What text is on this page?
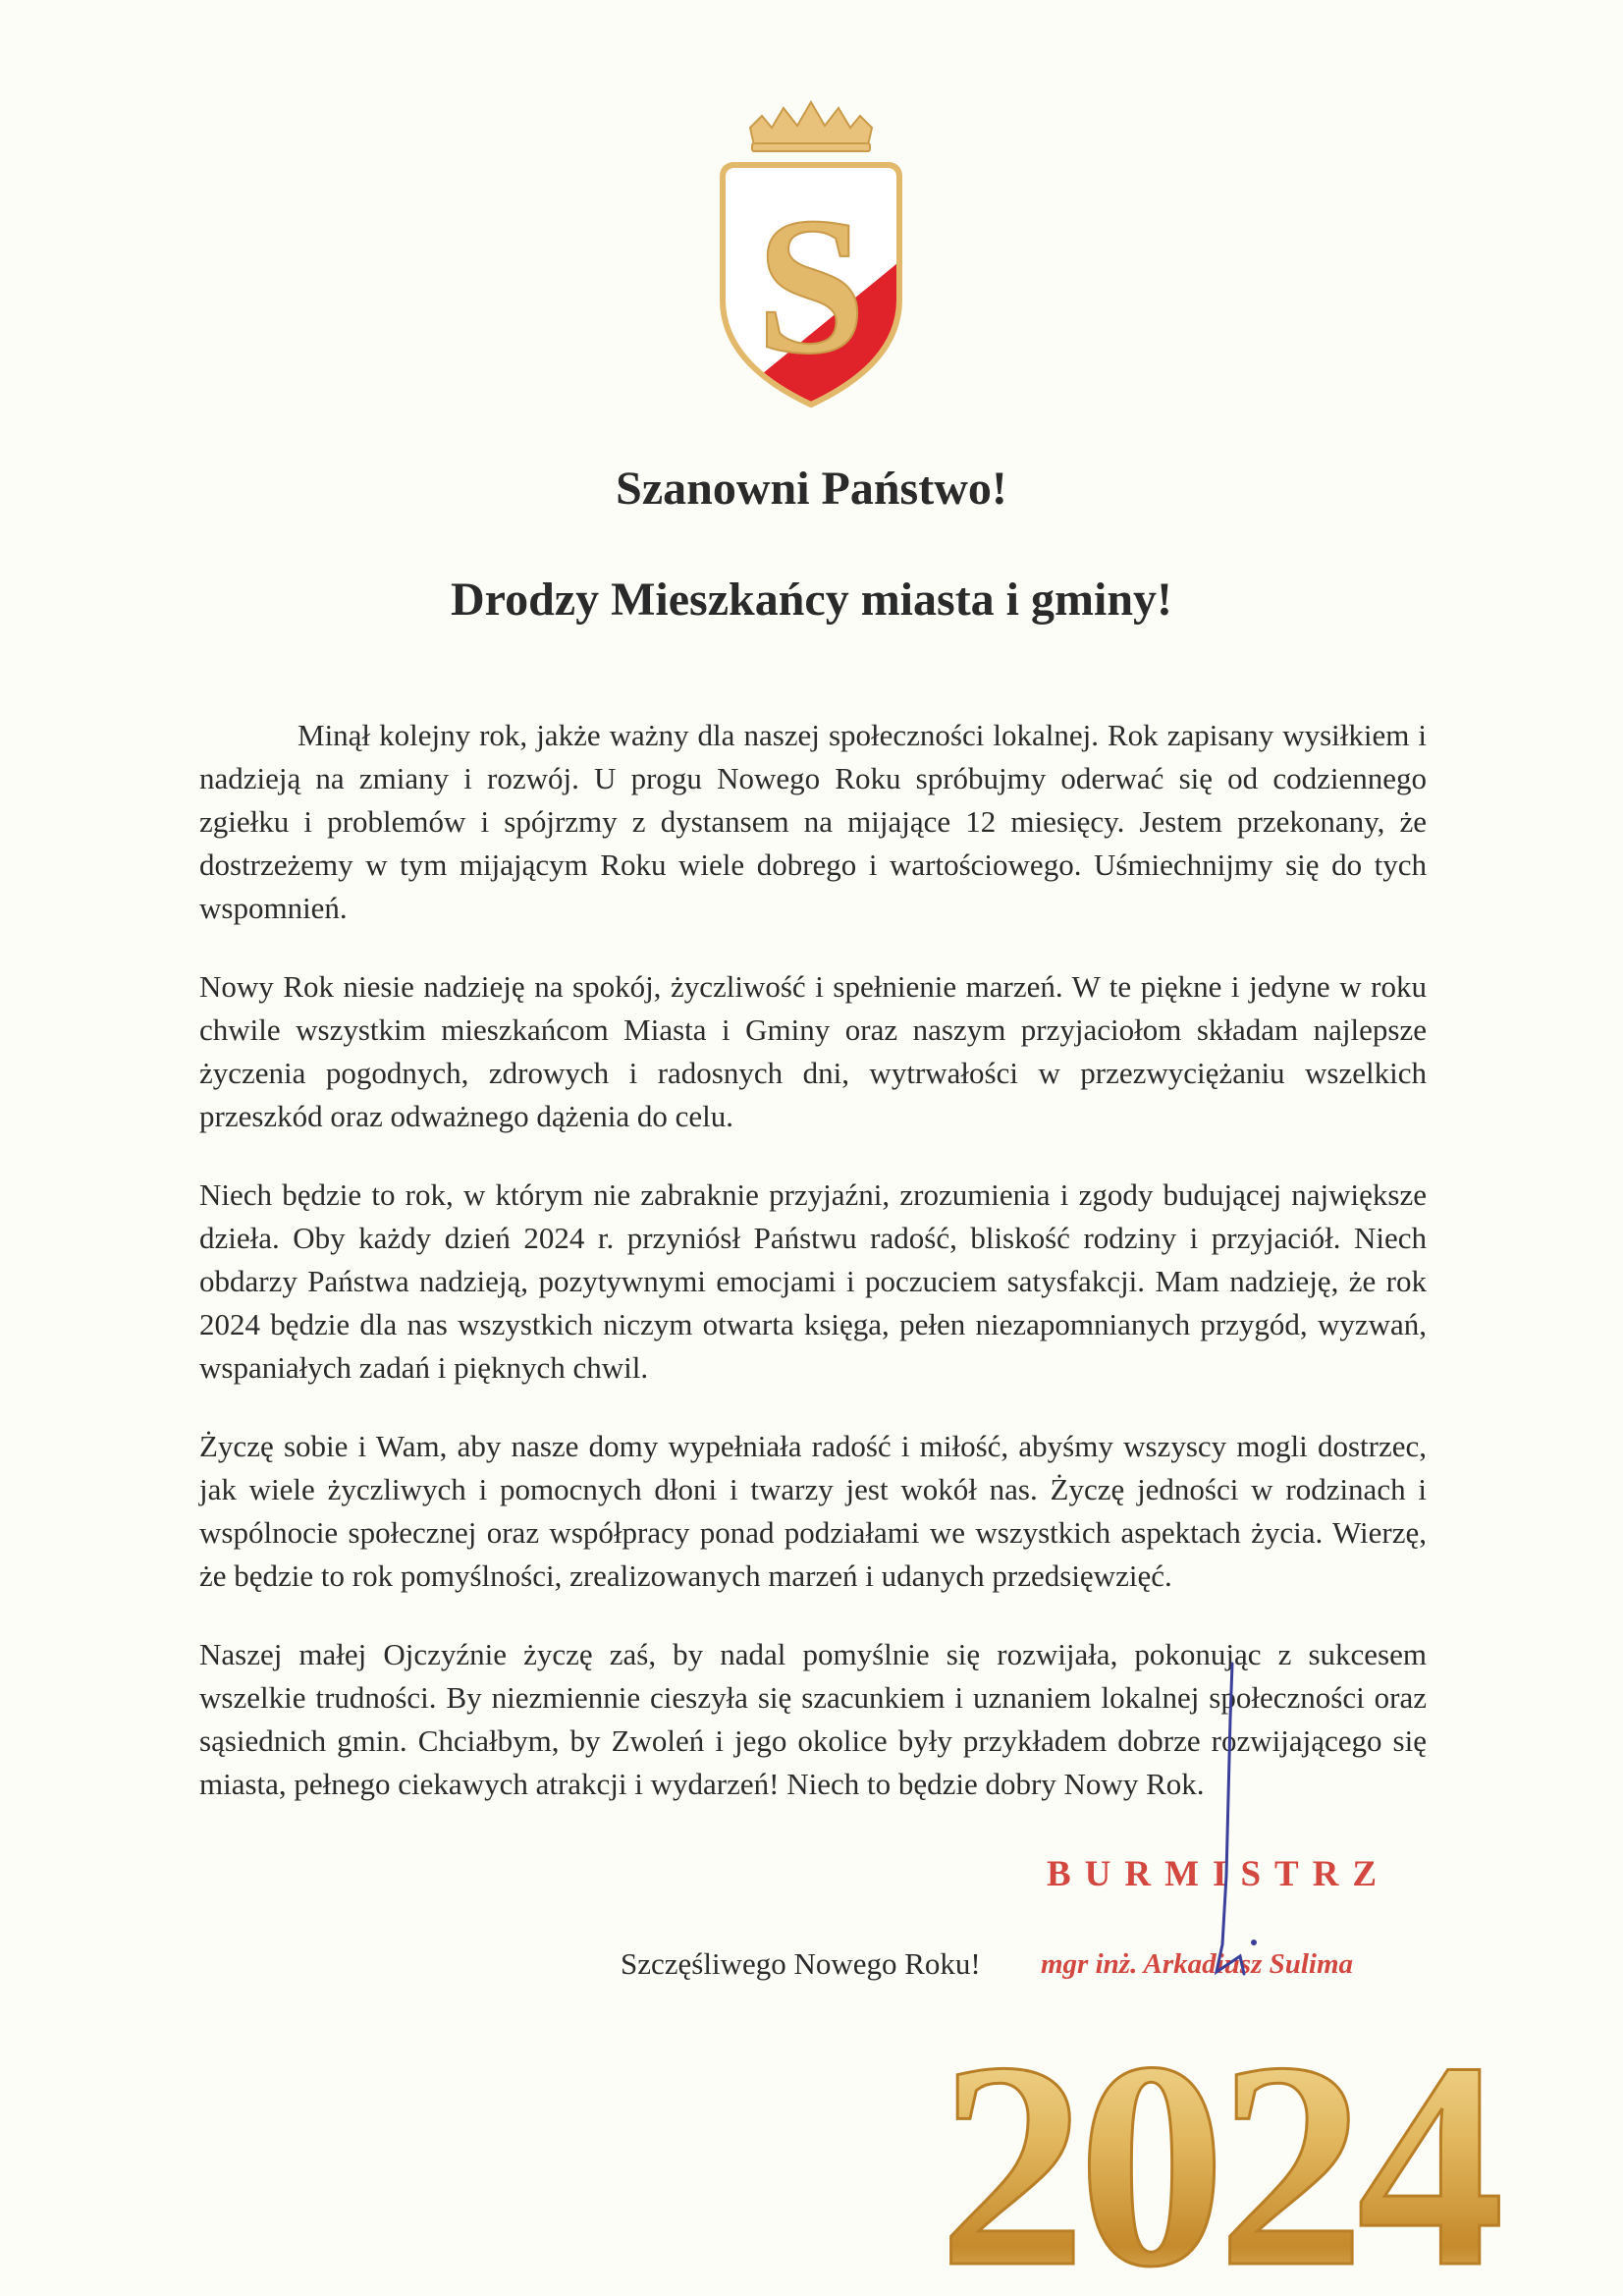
S
Szanowni Państwo!
Drodzy Mieszkańcy miasta i gminy!

Minął kolejny rok, jakże ważny dla naszej społeczności lokalnej. Rok zapisany wysiłkiem i nadzieją na zmiany i rozwój. U progu Nowego Roku spróbujmy oderwać się od codziennego zgiełku i problemów i spójrzmy z dystansem na mijające 12 miesięcy. Jestem przekonany, że dostrzeżemy w tym mijającym Roku wiele dobrego i wartościowego. Uśmiechnijmy się do tych wspomnień.

Nowy Rok niesie nadzieję na spokój, życzliwość i spełnienie marzeń. W te piękne i jedyne w roku chwile wszystkim mieszkańcom Miasta i Gminy oraz naszym przyjaciołom składam najlepsze życzenia pogodnych, zdrowych i radosnych dni, wytrwałości w przezwyciężaniu wszelkich przeszkód oraz odważnego dążenia do celu.

Niech będzie to rok, w którym nie zabraknie przyjaźni, zrozumienia i zgody budującej największe dzieła. Oby każdy dzień 2024 r. przyniósł Państwu radość, bliskość rodziny i przyjaciół. Niech obdarzy Państwa nadzieją, pozytywnymi emocjami i poczuciem satysfakcji. Mam nadzieję, że rok 2024 będzie dla nas wszystkich niczym otwarta księga, pełen niezapomnianych przygód, wyzwań, wspaniałych zadań i pięknych chwil.

Życzę sobie i Wam, aby nasze domy wypełniała radość i miłość, abyśmy wszyscy mogli dostrzec, jak wiele życzliwych i pomocnych dłoni i twarzy jest wokół nas. Życzę jedności w rodzinach i wspólnocie społecznej oraz współpracy ponad podziałami we wszystkich aspektach życia. Wierzę, że będzie to rok pomyślności, zrealizowanych marzeń i udanych przedsięwzięć.

Naszej małej Ojczyźnie życzę zaś, by nadal pomyślnie się rozwijała, pokonując z sukcesem wszelkie trudności. By niezmiennie cieszyła się szacunkiem i uznaniem lokalnej społeczności oraz sąsiednich gmin. Chciałbym, by Zwoleń i jego okolice były przykładem dobrze rozwijającego się miasta, pełnego ciekawych atrakcji i wydarzeń! Niech to będzie dobry Nowy Rok.

Szczęśliwego Nowego Roku!
BURMISTRZ
mgr inż. Arkadiusz Sulima
2024
